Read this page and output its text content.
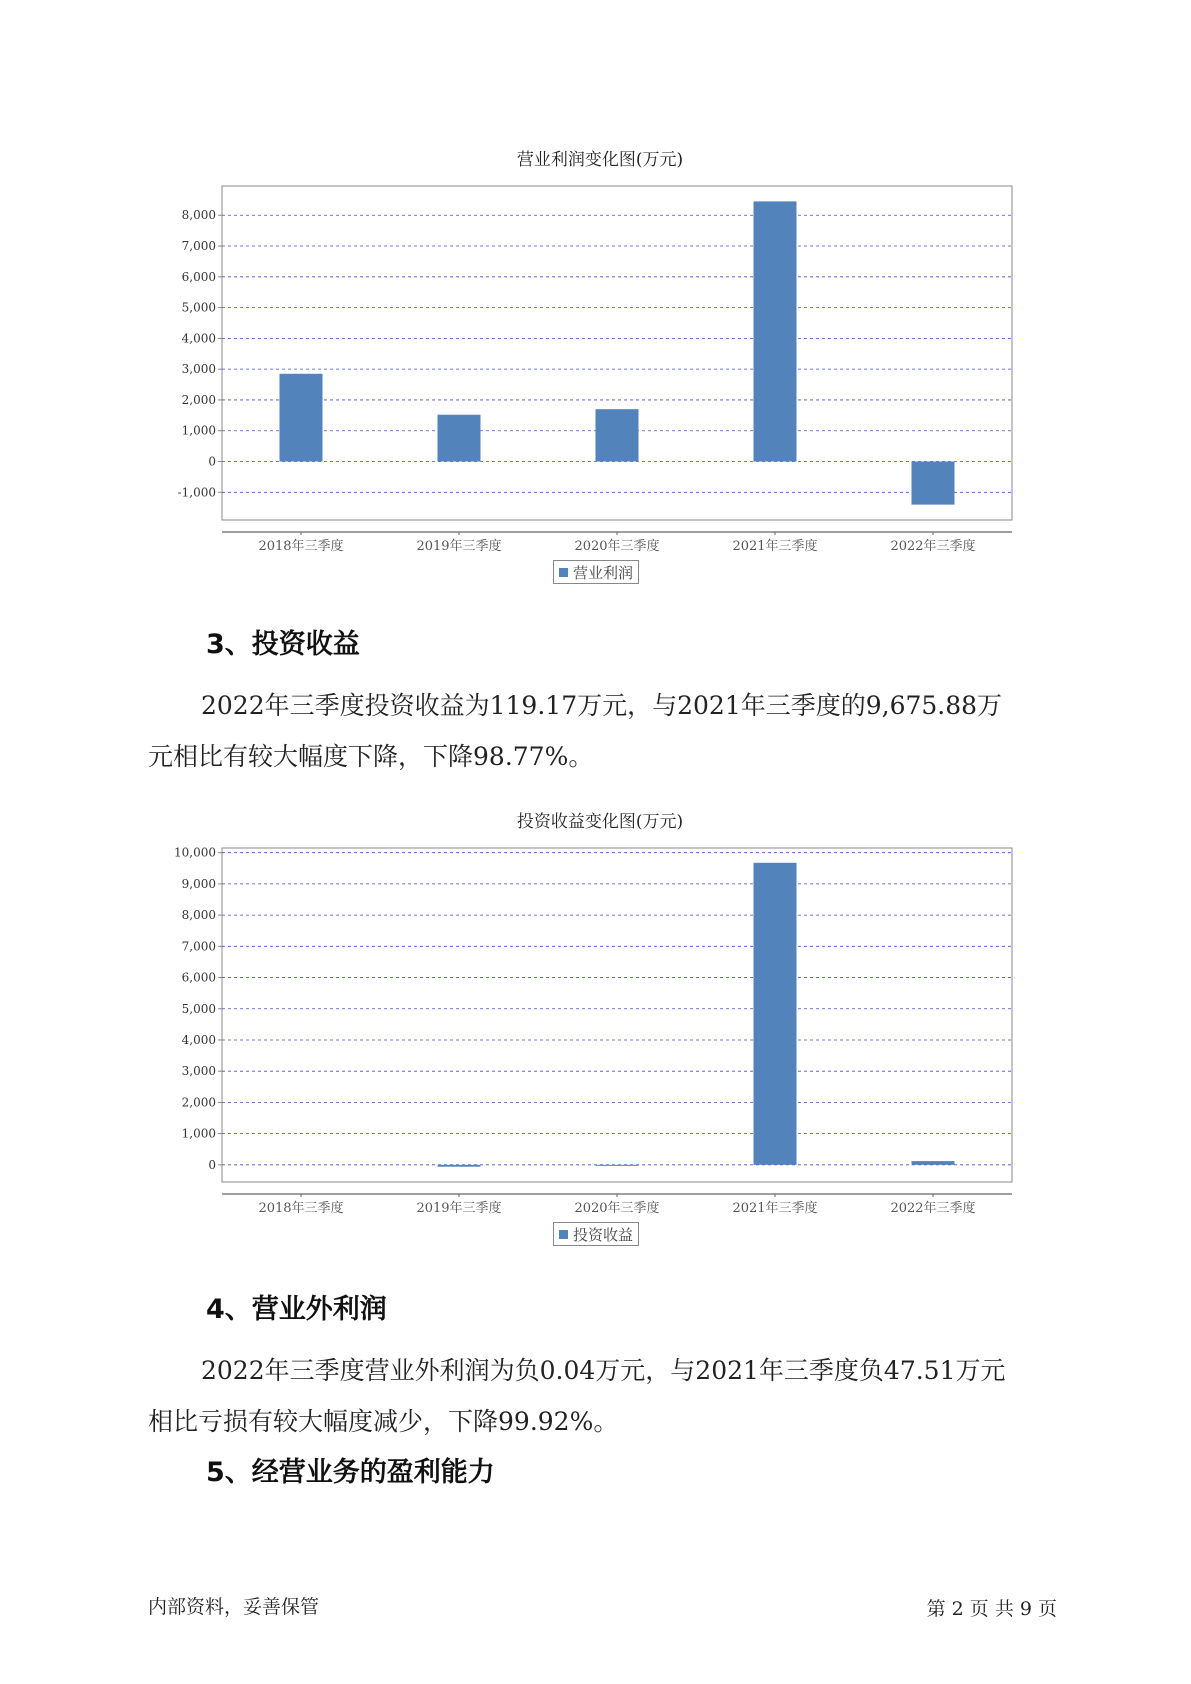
营业利润变化图(万元)
-1,000
0
1,000
2,000
3,000
4,000
5,000
6,000
7,000
8,000
2018年三季度	2019年三季度	2020年三季度	2021年三季度	2022年三季度
营业利润
3、投资收益

2022年三季度投资收益为119.17万元，与2021年三季度的9,675.88万
元相比有较大幅度下降，下降98.77%。

投资收益变化图(万元)
0
1,000
2,000
3,000
4,000
5,000
6,000
7,000
8,000
9,000
10,000
2018年三季度	2019年三季度	2020年三季度	2021年三季度	2022年三季度
投资收益
4、营业外利润

2022年三季度营业外利润为负0.04万元，与2021年三季度负47.51万元
相比亏损有较大幅度减少，下降99.92%。

5、经营业务的盈利能力
内部资料，妥善保管	第 2 页 共 9 页
